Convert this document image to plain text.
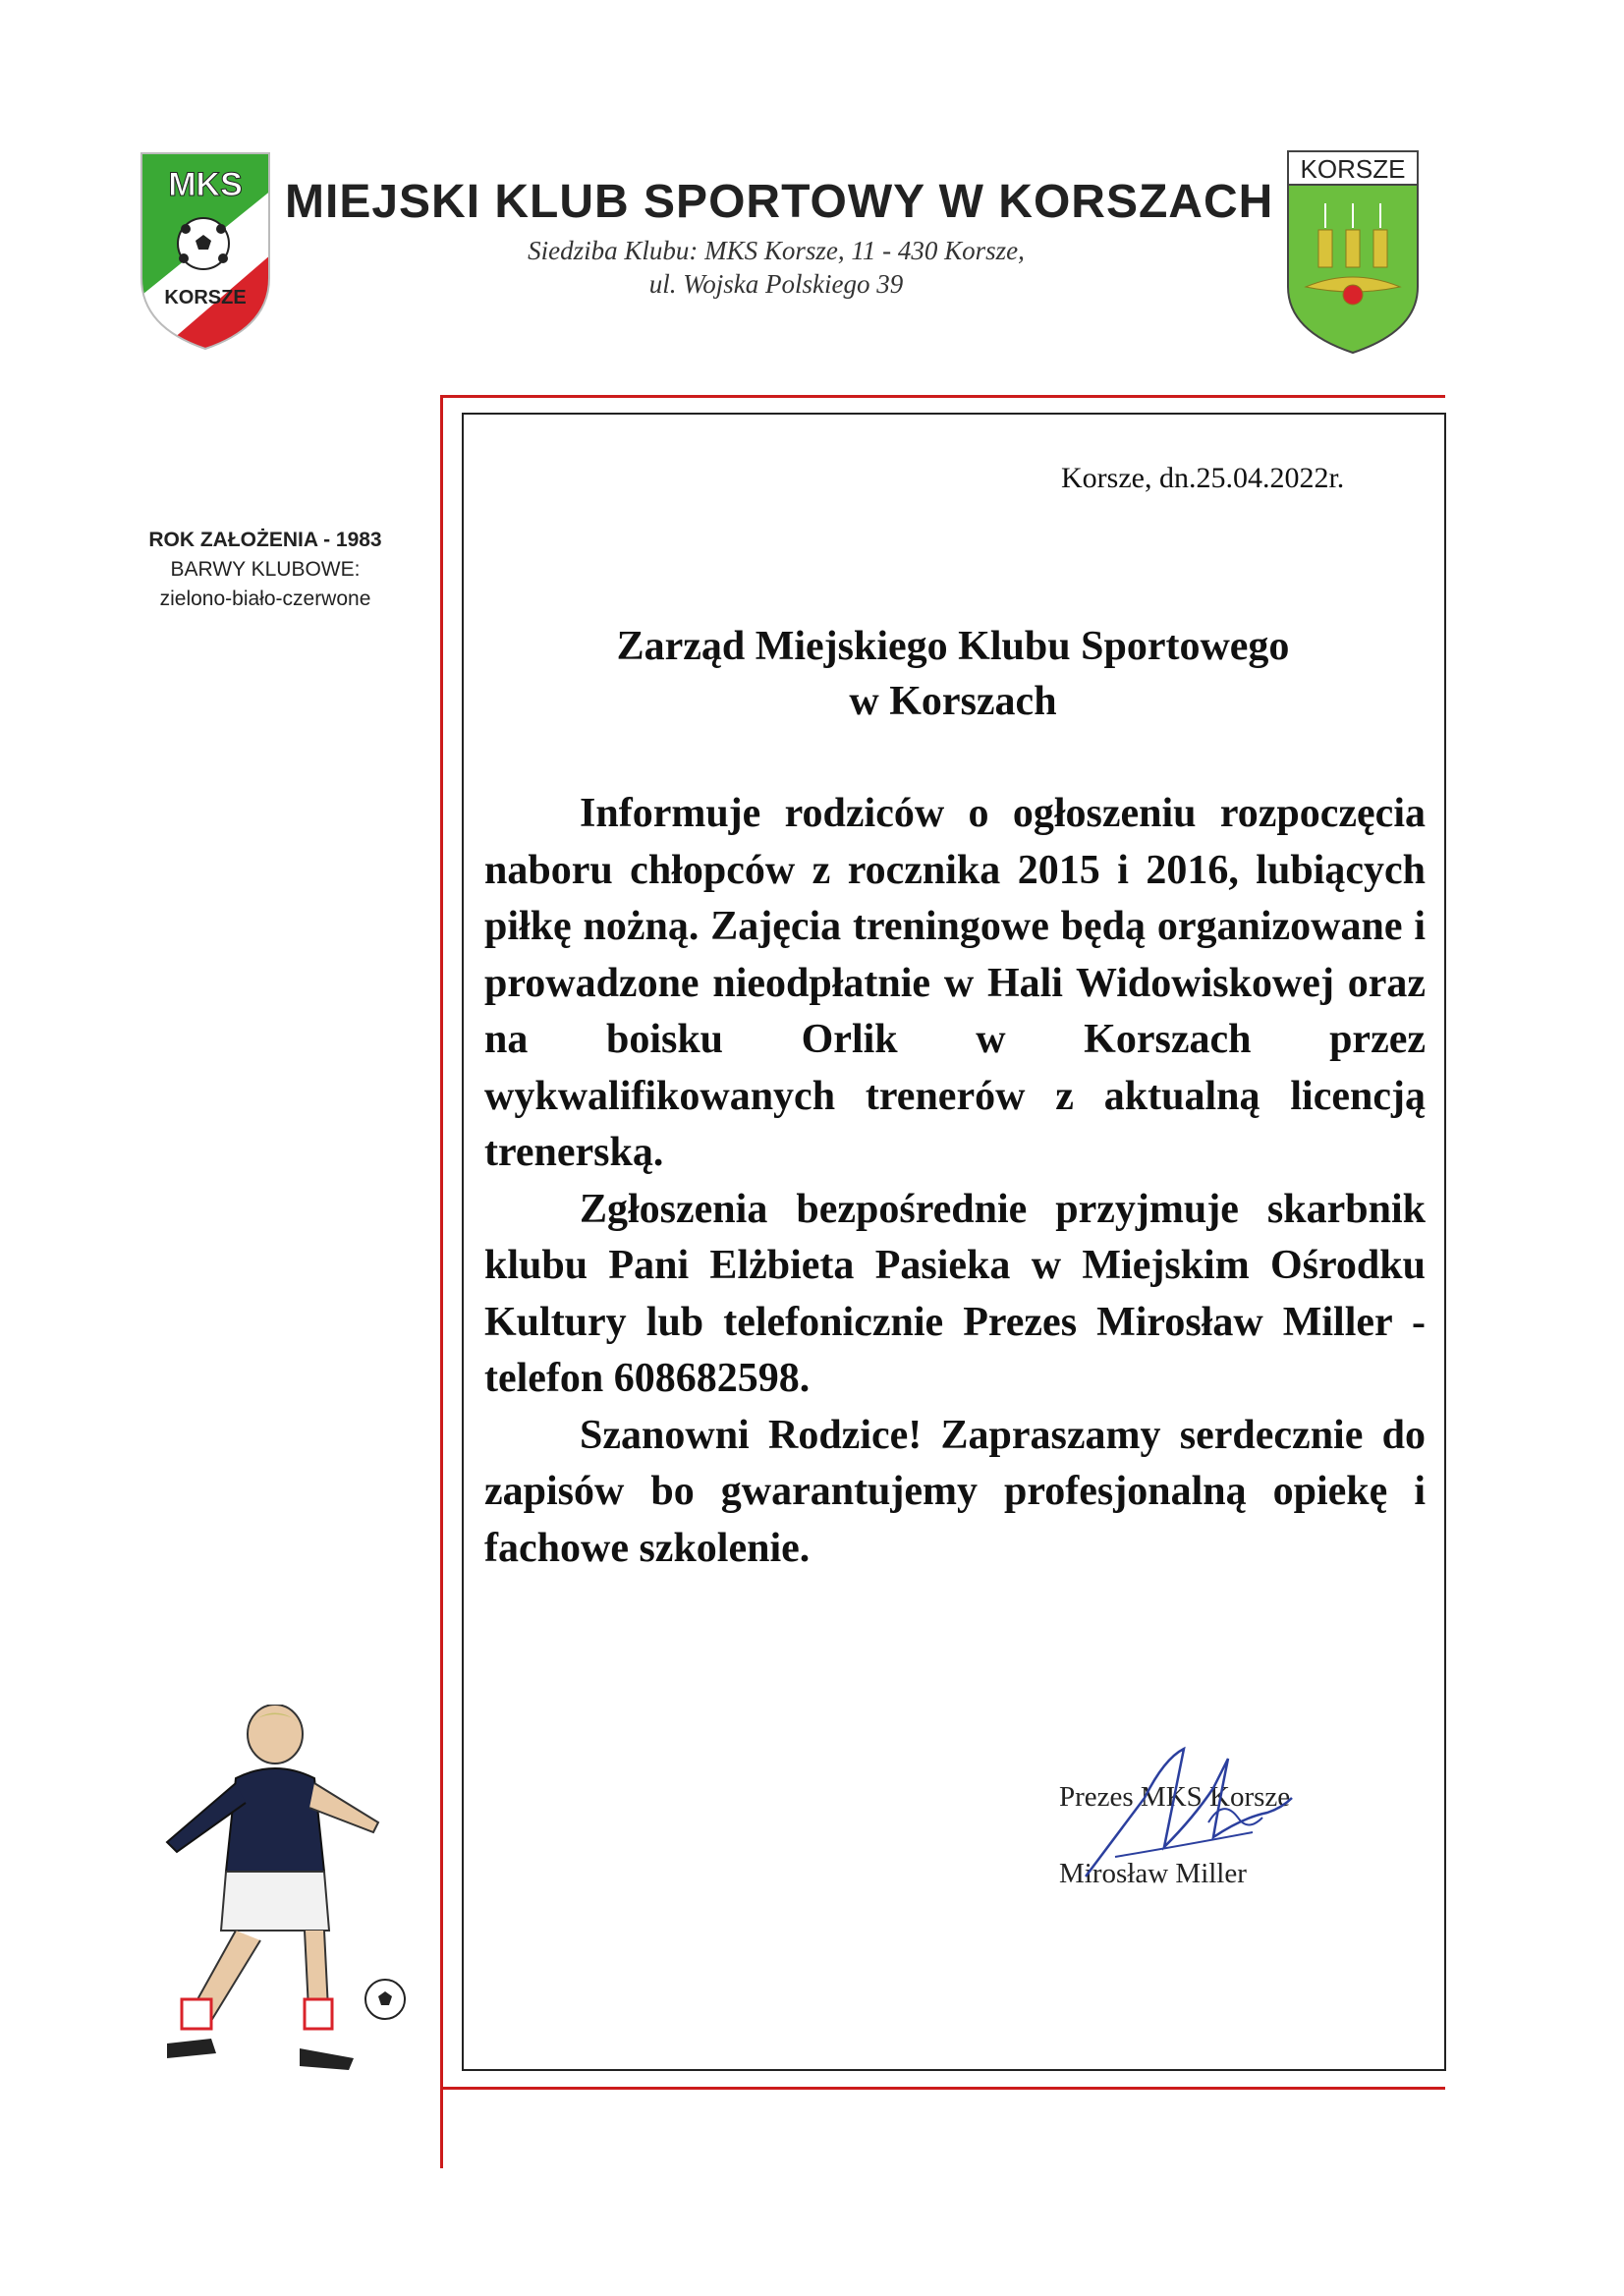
MKS
KORSZE
MIEJSKI KLUB SPORTOWY W KORSZACH
Siedziba Klubu: MKS Korsze, 11 - 430 Korsze,
ul. Wojska Polskiego 39
KORSZE
ROK ZAŁOŻENIA - 1983
BARWY KLUBOWE:
zielono-biało-czerwone
Korsze, dn.25.04.2022r.
Zarząd Miejskiego Klubu Sportowego
w Korszach

Informuje rodziców o ogłoszeniu rozpoczęcia naboru chłopców z rocznika 2015 i 2016, lubiących piłkę nożną. Zajęcia treningowe będą organizowane i prowadzone nieodpłatnie w Hali Widowiskowej oraz na boisku Orlik w Korszach przez wykwalifikowanych trenerów z aktualną licencją trenerską.

Zgłoszenia bezpośrednie przyjmuje skarbnik klubu Pani Elżbieta Pasieka w Miejskim Ośrodku Kultury lub telefonicznie Prezes Mirosław Miller - telefon 608682598.

Szanowni Rodzice! Zapraszamy serdecznie do zapisów bo gwarantujemy profesjonalną opiekę i fachowe szkolenie.

Prezes MKS Korsze
Mirosław Miller
